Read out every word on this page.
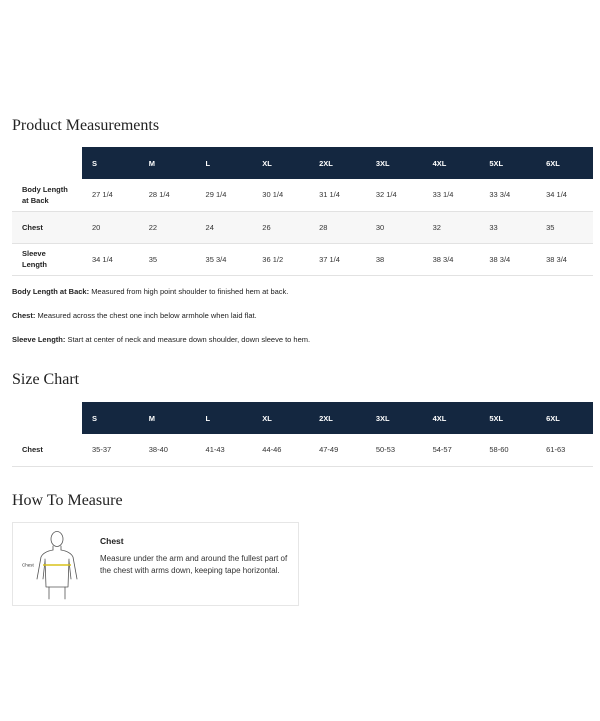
Product Measurements
	S	M	L	XL	2XL	3XL	4XL	5XL	6XL
Body Length
at Back	27 1/4	28 1/4	29 1/4	30 1/4	31 1/4	32 1/4	33 1/4	33 3/4	34 1/4
Chest	20	22	24	26	28	30	32	33	35
Sleeve
Length	34 1/4	35	35 3/4	36 1/2	37 1/4	38	38 3/4	38 3/4	38 3/4

Body Length at Back: Measured from high point shoulder to finished hem at back.

Chest: Measured across the chest one inch below armhole when laid flat.

Sleeve Length: Start at center of neck and measure down shoulder, down sleeve to hem.

Size Chart
	S	M	L	XL	2XL	3XL	4XL	5XL	6XL
Chest	35-37	38-40	41-43	44-46	47-49	50-53	54-57	58-60	61-63
How To Measure
Chest

Chest

Measure under the arm and around the fullest part of the chest with arms down, keeping tape horizontal.
